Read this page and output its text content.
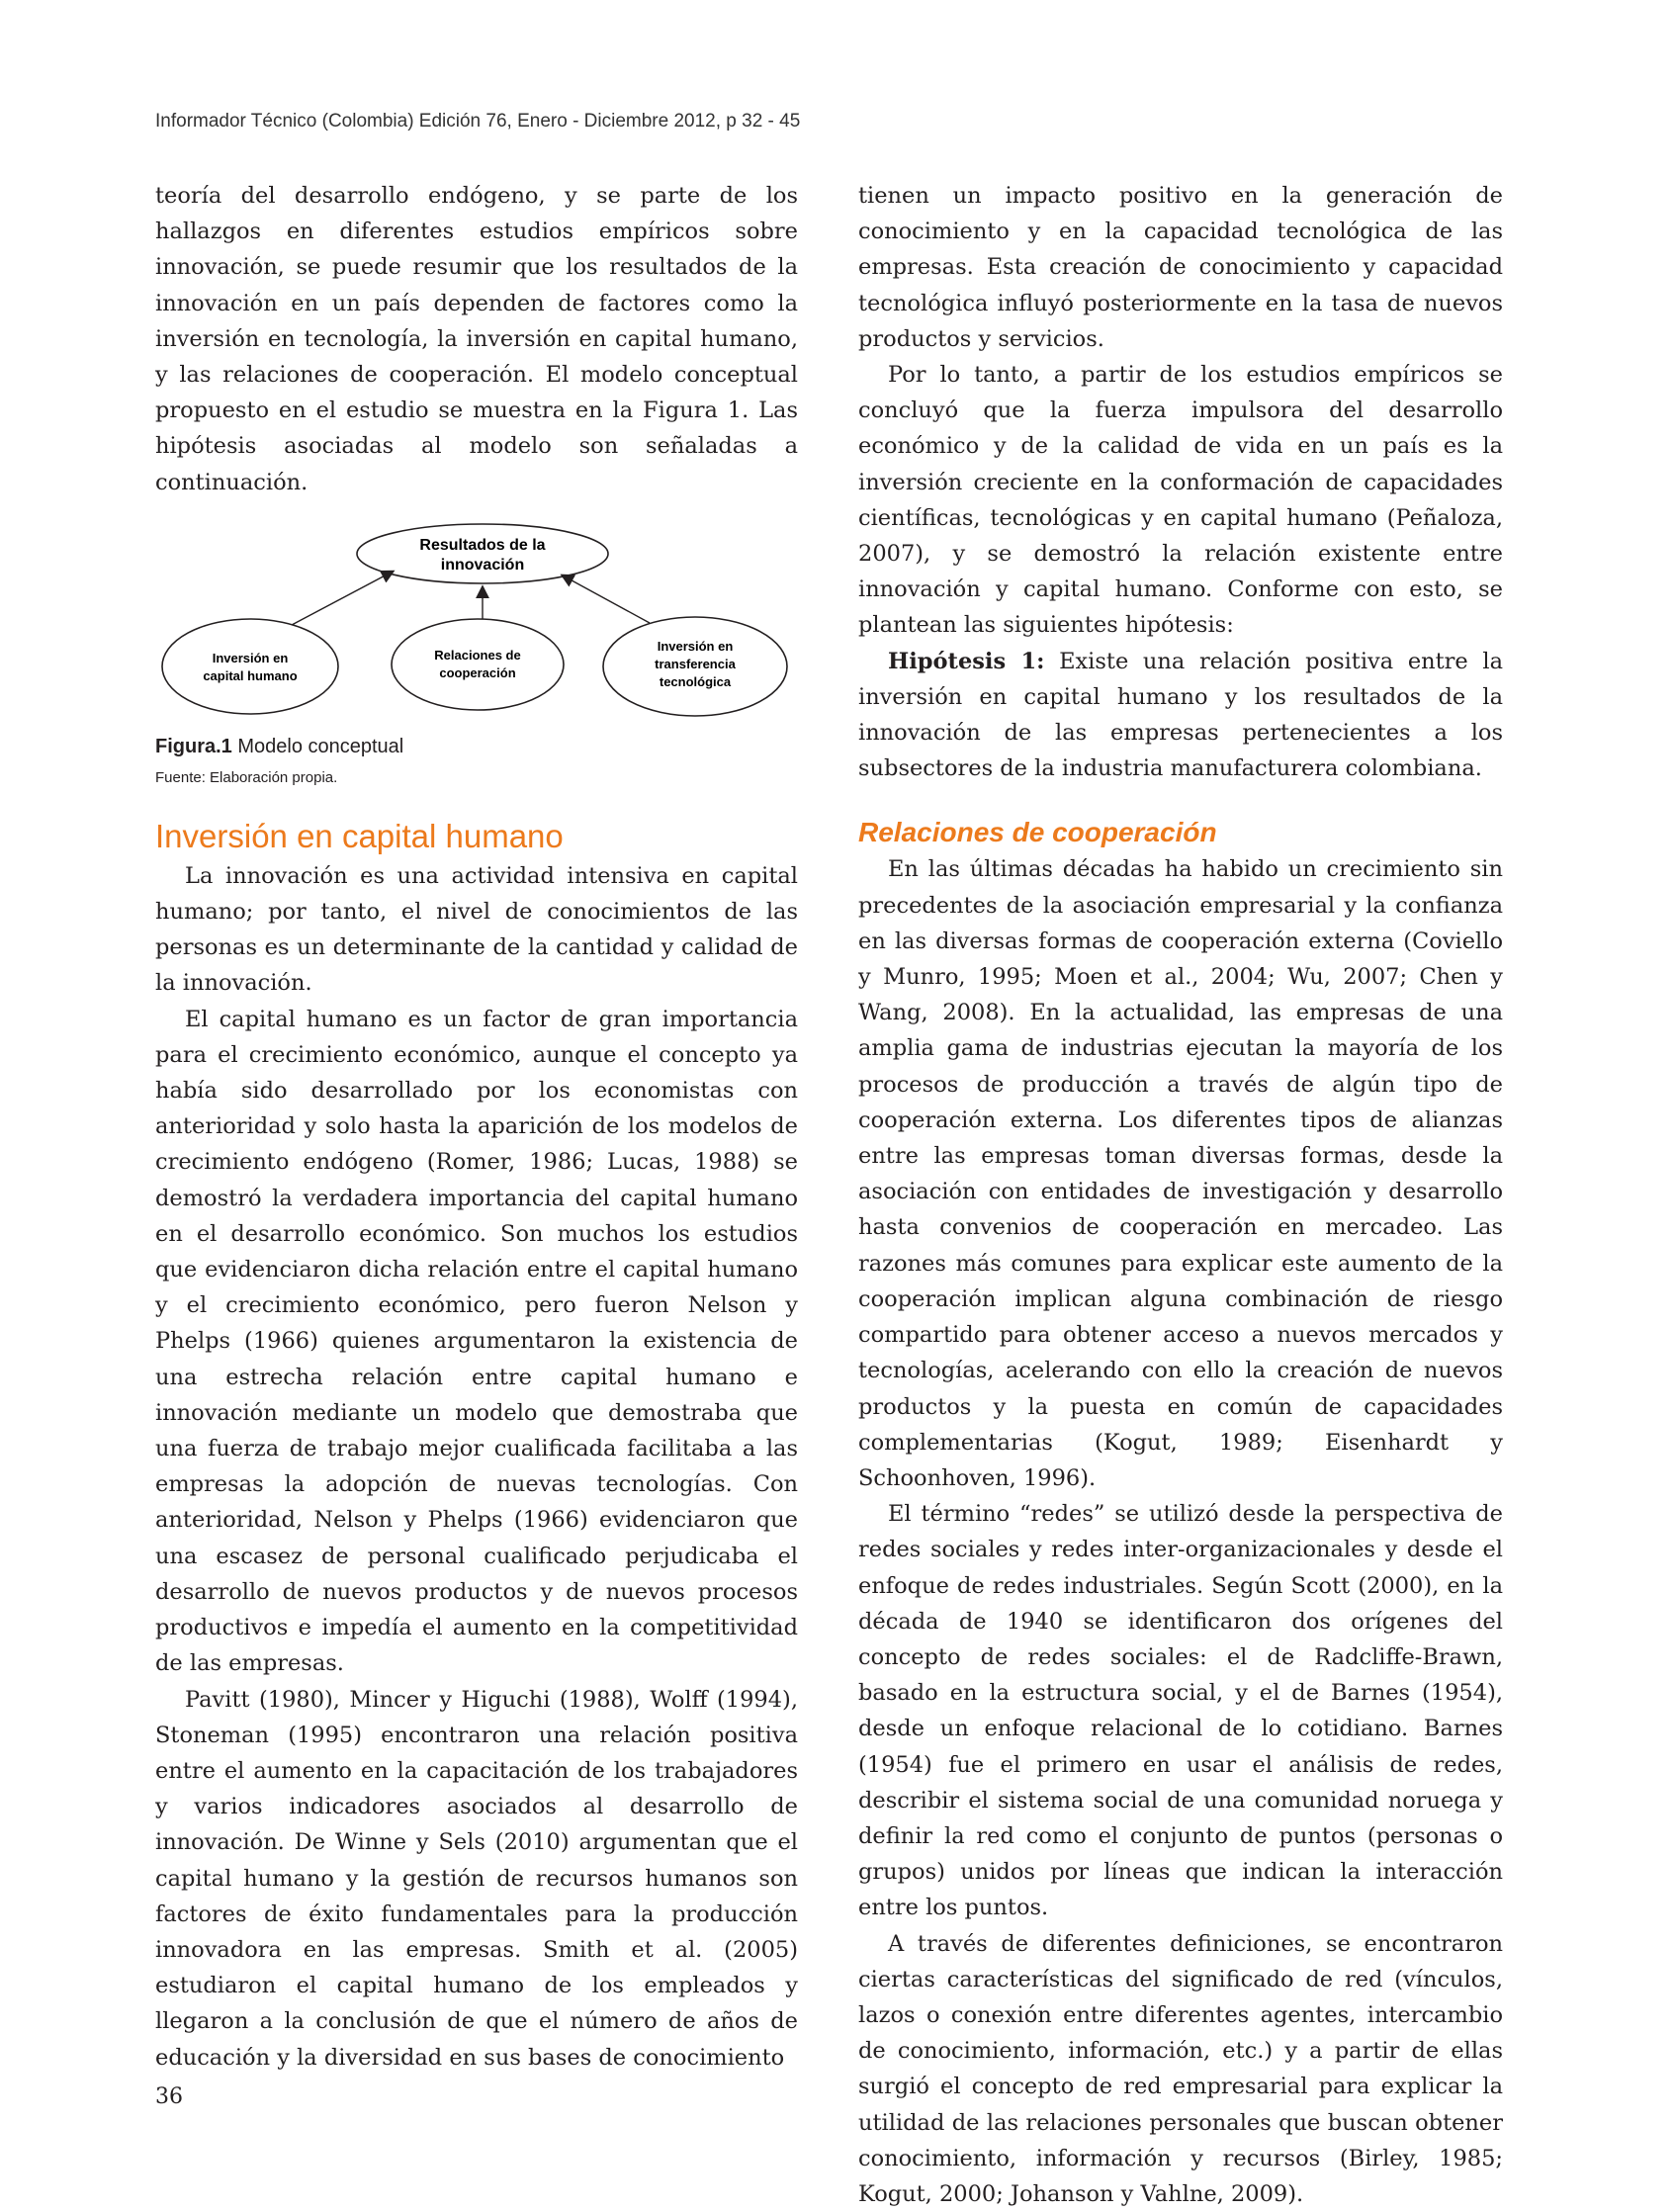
Informador Técnico (Colombia) Edición 76, Enero - Diciembre 2012, p 32 - 45

teoría del desarrollo endógeno, y se parte de los hallazgos en diferentes estudios empíricos sobre innovación, se puede resumir que los resultados de la innovación en un país dependen de factores como la inversión en tecnología, la inversión en capital humano, y las relaciones de cooperación. El modelo conceptual propuesto en el estudio se muestra en la Figura 1. Las hipótesis asociadas al modelo son señaladas a continuación.

Resultados de la
innovación
Inversión en
capital humano
Relaciones de
cooperación
Inversión en
transferencia
tecnológica
Figura.1 Modelo conceptual
Fuente: Elaboración propia.
Inversión en capital humano

La innovación es una actividad intensiva en capital humano; por tanto, el nivel de conocimientos de las personas es un determinante de la cantidad y calidad de la innovación.

El capital humano es un factor de gran importancia para el crecimiento económico, aunque el concepto ya había sido desarrollado por los economistas con anterioridad y solo hasta la aparición de los modelos de crecimiento endógeno (Romer, 1986; Lucas, 1988) se demostró la verdadera importancia del capital humano en el desarrollo económico. Son muchos los estudios que evidenciaron dicha relación entre el capital humano y el crecimiento económico, pero fueron Nelson y Phelps (1966) quienes argumentaron la existencia de una estrecha relación entre capital humano e innovación mediante un modelo que demostraba que una fuerza de trabajo mejor cualificada facilitaba a las empresas la adopción de nuevas tecnologías. Con anterioridad, Nelson y Phelps (1966) evidenciaron que una escasez de personal cualificado perjudicaba el desarrollo de nuevos productos y de nuevos procesos productivos e impedía el aumento en la competitividad de las empresas.

Pavitt (1980), Mincer y Higuchi (1988), Wolff (1994), Stoneman (1995) encontraron una relación positiva entre el aumento en la capacitación de los trabajadores y varios indicadores asociados al desarrollo de innovación. De Winne y Sels (2010) argumentan que el capital humano y la gestión de recursos humanos son factores de éxito fundamentales para la producción innovadora en las empresas. Smith et al. (2005) estudiaron el capital humano de los empleados y llegaron a la conclusión de que el número de años de educación y la diversidad en sus bases de conocimiento

tienen un impacto positivo en la generación de conocimiento y en la capacidad tecnológica de las empresas. Esta creación de conocimiento y capacidad tecnológica influyó posteriormente en la tasa de nuevos productos y servicios.

Por lo tanto, a partir de los estudios empíricos se concluyó que la fuerza impulsora del desarrollo económico y de la calidad de vida en un país es la inversión creciente en la conformación de capacidades científicas, tecnológicas y en capital humano (Peñaloza, 2007), y se demostró la relación existente entre innovación y capital humano. Conforme con esto, se plantean las siguientes hipótesis:

Hipótesis 1: Existe una relación positiva entre la inversión en capital humano y los resultados de la innovación de las empresas pertenecientes a los subsectores de la industria manufacturera colombiana.

Relaciones de cooperación

En las últimas décadas ha habido un crecimiento sin precedentes de la asociación empresarial y la confianza en las diversas formas de cooperación externa (Coviello y Munro, 1995; Moen et al., 2004; Wu, 2007; Chen y Wang, 2008). En la actualidad, las empresas de una amplia gama de industrias ejecutan la mayoría de los procesos de producción a través de algún tipo de cooperación externa. Los diferentes tipos de alianzas entre las empresas toman diversas formas, desde la asociación con entidades de investigación y desarrollo hasta convenios de cooperación en mercadeo. Las razones más comunes para explicar este aumento de la cooperación implican alguna combinación de riesgo compartido para obtener acceso a nuevos mercados y tecnologías, acelerando con ello la creación de nuevos productos y la puesta en común de capacidades complementarias (Kogut, 1989; Eisenhardt y Schoonhoven, 1996).

El término “redes” se utilizó desde la perspectiva de redes sociales y redes inter-organizacionales y desde el enfoque de redes industriales. Según Scott (2000), en la década de 1940 se identificaron dos orígenes del concepto de redes sociales: el de Radcliffe-Brawn, basado en la estructura social, y el de Barnes (1954), desde un enfoque relacional de lo cotidiano. Barnes (1954) fue el primero en usar el análisis de redes, describir el sistema social de una comunidad noruega y definir la red como el conjunto de puntos (personas o grupos) unidos por líneas que indican la interacción entre los puntos.

A través de diferentes definiciones, se encontraron ciertas características del significado de red (vínculos, lazos o conexión entre diferentes agentes, intercambio de conocimiento, información, etc.) y a partir de ellas surgió el concepto de red empresarial para explicar la utilidad de las relaciones personales que buscan obtener conocimiento, información y recursos (Birley, 1985; Kogut, 2000; Johanson y Vahlne, 2009).

36
